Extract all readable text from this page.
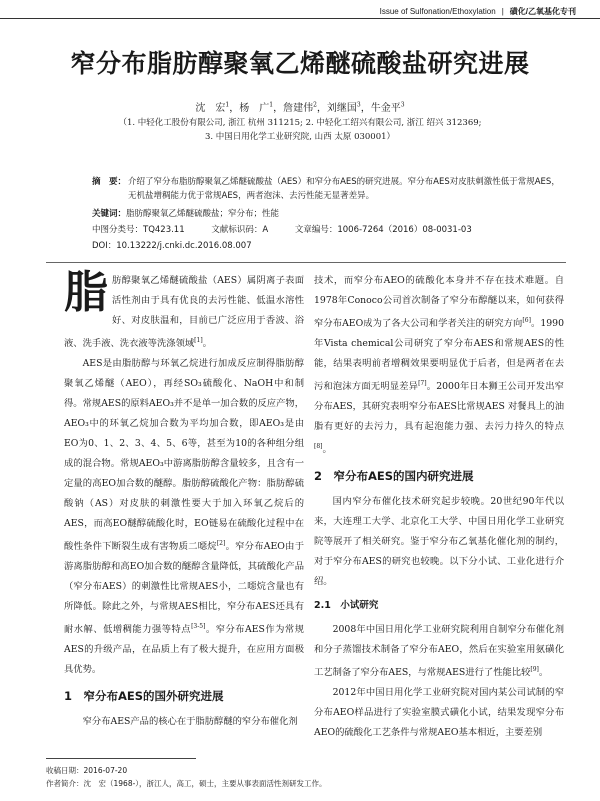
Issue of Sulfonation/Ethoxylation | 磺化/乙氧基化专刊
窄分布脂肪醇聚氧乙烯醚硫酸盐研究进展
沈　宏$^1$，杨　广$^1$，詹建伟$^2$，刘继国$^3$，牛金平$^3$
（1. 中轻化工股份有限公司, 浙江 杭州 311215; 2. 中轻化工绍兴有限公司, 浙江 绍兴 312369;
3. 中国日用化学工业研究院, 山西 太原 030001）
摘　要： 介绍了窄分布脂肪醇聚氧乙烯醚硫酸盐（AES）和窄分布AES的研究进展。窄分布AES对皮肤刺激性低于常规AES，无机盐增稠能力优于常规AES，两者泡沫、去污性能无显著差异。
关键词：脂肪醇聚氧乙烯醚硫酸盐；窄分布；性能
中图分类号：TQ423.11	文献标识码：A	文章编号：1006-7264（2016）08-0031-03
DOI：10.13222/j.cnki.dc.2016.08.007

脂肪醇聚氧乙烯醚硫酸盐（AES）属阴离子表面活性剂由于具有优良的去污性能、低温水溶性好、对皮肤温和，目前已广泛应用于香波、浴液、洗手液、洗衣液等洗涤领域[1]。

AES是由脂肪醇与环氧乙烷进行加成反应制得脂肪醇聚氧乙烯醚（AEO），再经SO₃硫酸化、NaOH中和制得。常规AES的原料AEO₃并不是单一加合数的反应产物，AEO₃中的环氧乙烷加合数为平均加合数，即AEO₃是由EO为0、1、2、3、4、5、6等，甚至为10的各种组分组成的混合物。常规AEO₃中游离脂肪醇含量较多，且含有一定量的高EO加合数的醚醇。脂肪醇硫酸化产物：脂肪醇硫酸钠（AS）对皮肤的刺激性要大于加入环氧乙烷后的AES，而高EO醚醇硫酸化时，EO链易在硫酸化过程中在酸性条件下断裂生成有害物质二噁烷[2]。窄分布AEO由于游离脂肪醇和高EO加合数的醚醇含量降低，其硫酸化产品（窄分布AES）的刺激性比常规AES小，二噁烷含量也有所降低。除此之外，与常规AES相比，窄分布AES还具有耐水解、低增稠能力强等特点[3-5]。窄分布AES作为常规AES的升级产品，在品质上有了极大提升，在应用方面极具优势。

1　窄分布AES的国外研究进展

窄分布AES产品的核心在于脂肪醇醚的窄分布催化剂

技术，而窄分布AEO的硫酸化本身并不存在技术难题。自1978年Conoco公司首次制备了窄分布醇醚以来，如何获得窄分布AEO成为了各大公司和学者关注的研究方向[6]。1990年Vista chemical公司研究了窄分布AES和常规AES的性能，结果表明前者增稠效果要明显优于后者，但是两者在去污和泡沫方面无明显差异[7]。2000年日本狮王公司开发出窄分布AES，其研究表明窄分布AES比常规AES 对餐具上的油脂有更好的去污力，具有起泡能力强、去污力持久的特点[8]。

2　窄分布AES的国内研究进展

国内窄分布催化技术研究起步较晚。20世纪90年代以来，大连理工大学、北京化工大学、中国日用化学工业研究院等展开了相关研究。鉴于窄分布乙氧基化催化剂的制约，对于窄分布AES的研究也较晚。以下分小试、工业化进行介绍。

2.1　小试研究

2008年中国日用化学工业研究院利用自制窄分布催化剂和分子蒸馏技术制备了窄分布AEO，然后在实验室用氨磺化工艺制备了窄分布AES，与常规AES进行了性能比较[9]。

2012年中国日用化学工业研究院对国内某公司试制的窄分布AEO样品进行了实验室膜式磺化小试，结果发现窄分布AEO的硫酸化工艺条件与常规AEO基本相近，主要差别

收稿日期：2016-07-20
作者简介：沈　宏（1968-），浙江人，高工，硕士，主要从事表面活性剂研发工作。
